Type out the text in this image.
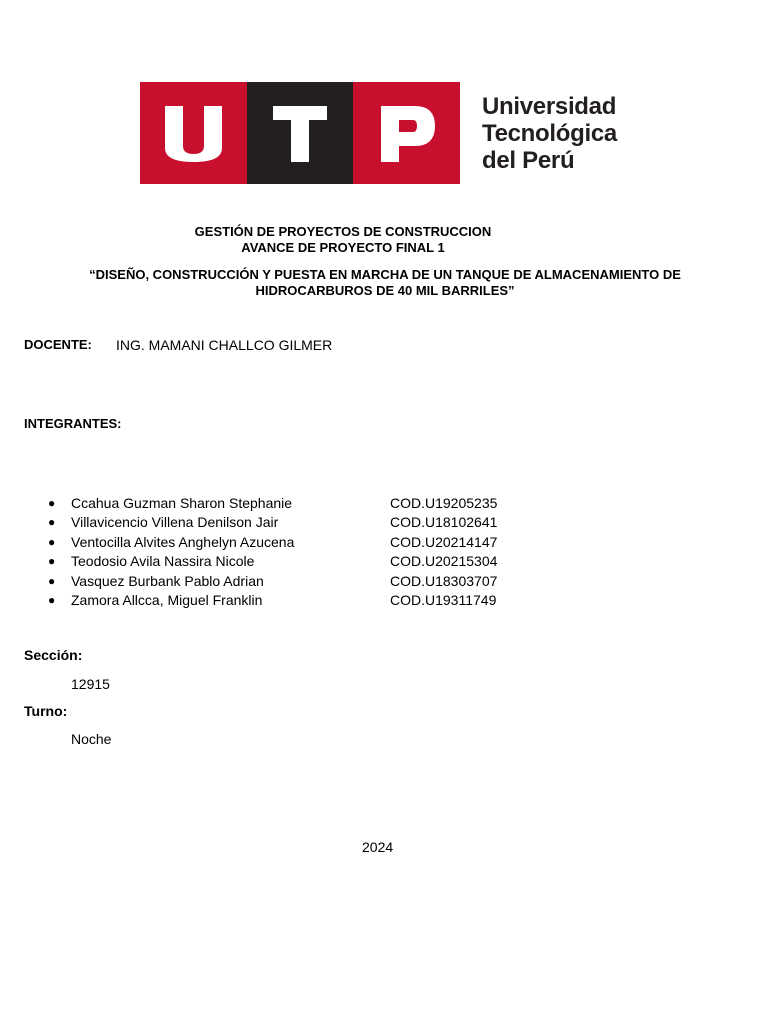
Universidad
Tecnológica
del Perú
GESTIÓN DE PROYECTOS DE CONSTRUCCION
AVANCE DE PROYECTO FINAL 1
“DISEÑO, CONSTRUCCIÓN Y PUESTA EN MARCHA DE UN TANQUE DE ALMACENAMIENTO DE HIDROCARBUROS DE 40 MIL BARRILES”
DOCENTE: ING. MAMANI CHALLCO GILMER
INTEGRANTES:
● Ccahua Guzman Sharon Stephanie	COD.U19205235
● Villavicencio Villena Denilson Jair	COD.U18102641
● Ventocilla Alvites Anghelyn Azucena	COD.U20214147
● Teodosio Avila Nassira Nicole	COD.U20215304
● Vasquez Burbank Pablo Adrian	COD.U18303707
● Zamora Allcca, Miguel Franklin	COD.U19311749
Sección:
12915
Turno:
Noche
2024
